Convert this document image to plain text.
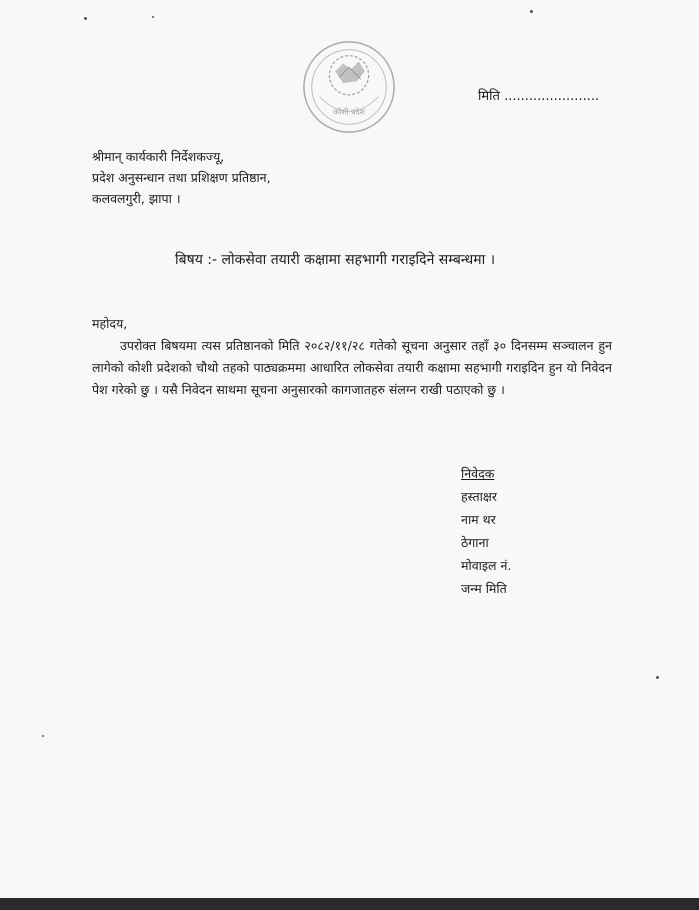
कोशी प्रदेश
मिति .......................
श्रीमान् कार्यकारी निर्देशकज्यू,
प्रदेश अनुसन्धान तथा प्रशिक्षण प्रतिष्ठान,
कलवलगुरी, झापा ।
बिषय :- लोकसेवा तयारी कक्षामा सहभागी गराइदिने सम्बन्धमा ।
महोदय,
उपरोक्त बिषयमा त्यस प्रतिष्ठानको मिति २०८२/११/२८ गतेको सूचना अनुसार तहाँ ३० दिनसम्म सञ्चालन हुन लागेको कोशी प्रदेशको चौथो तहको पाठ्यक्रममा आधारित लोकसेवा तयारी कक्षामा सहभागी गराइदिन हुन यो निवेदन पेश गरेको छु । यसै निवेदन साथमा सूचना अनुसारको कागजातहरु संलग्न राखी पठाएको छु ।
निवेदक
हस्ताक्षर
नाम थर
ठेगाना
मोवाइल नं.
जन्म मिति
